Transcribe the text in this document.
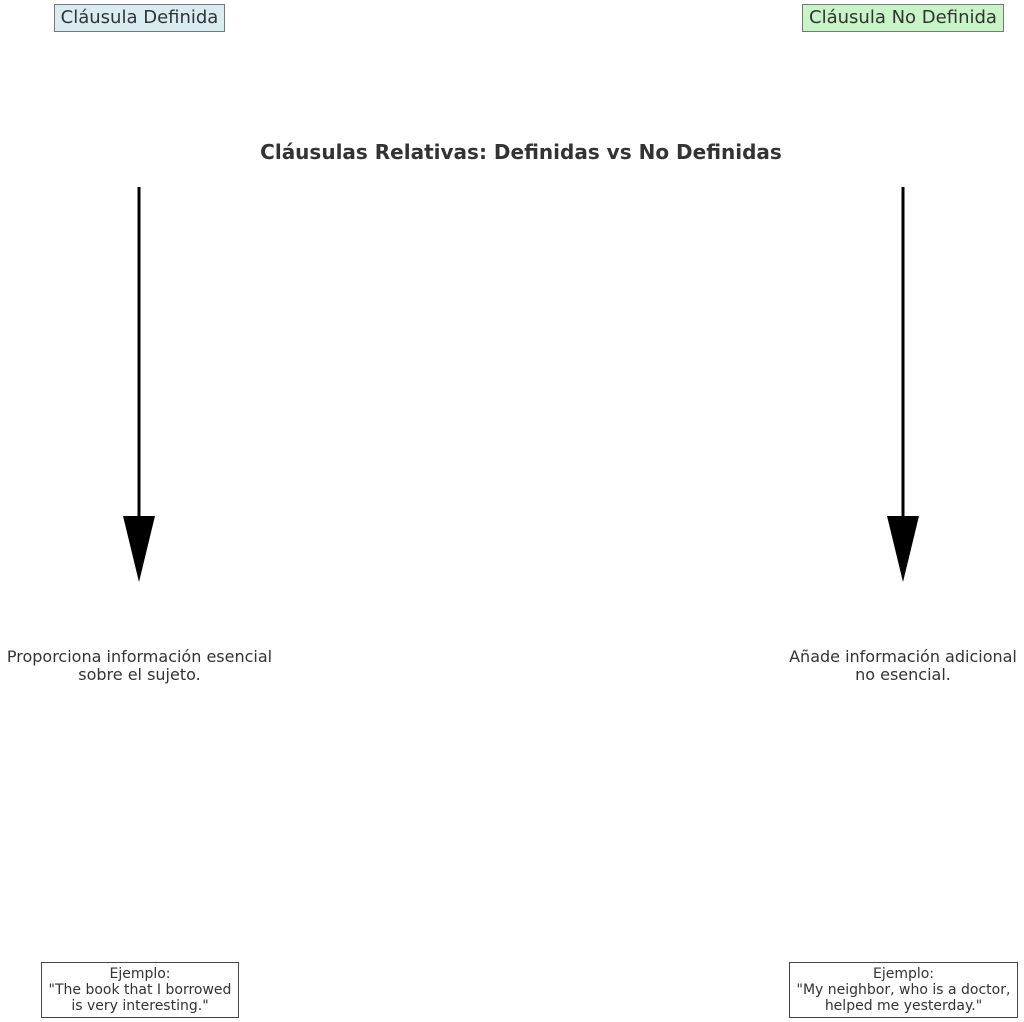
Cláusula Definida	Cláusula No Definida
Cláusulas Relativas: Definidas vs No Definidas
Proporciona información esencial
sobre el sujeto.
Añade información adicional
no esencial.
Ejemplo:
"The book that I borrowed
is very interesting."
Ejemplo:
"My neighbor, who is a doctor,
helped me yesterday."
